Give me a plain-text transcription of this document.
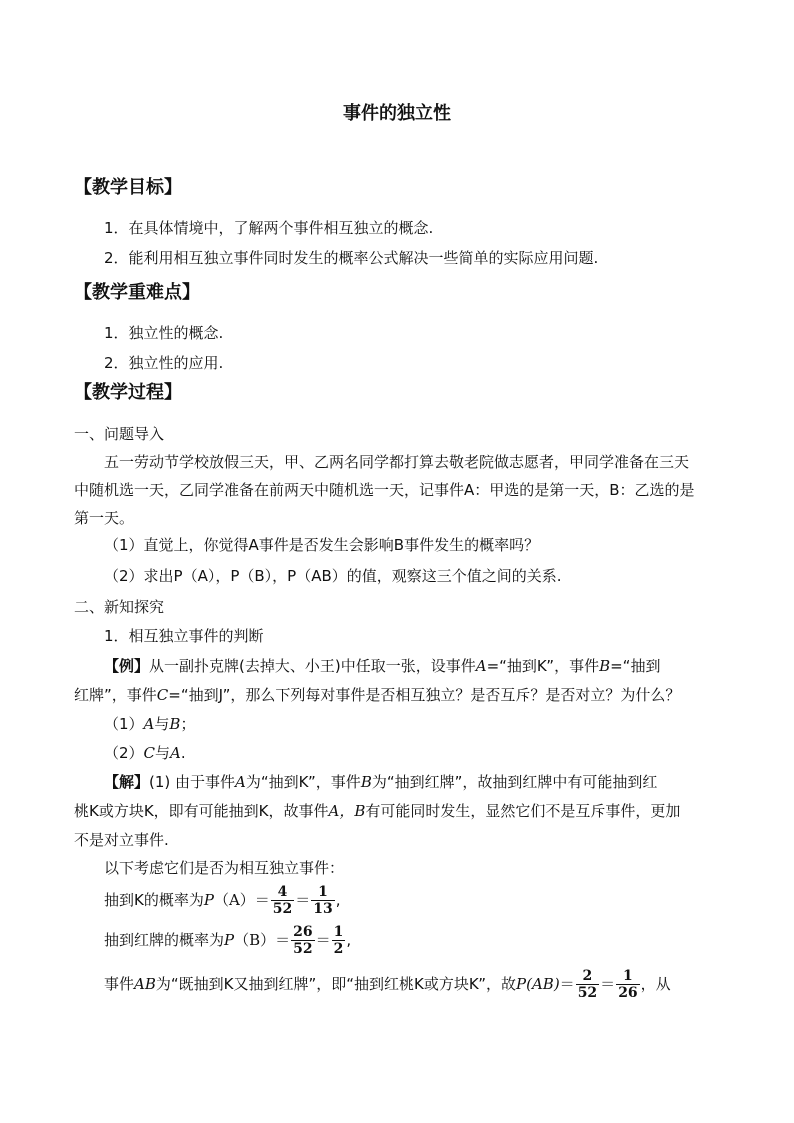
事件的独立性
【教学目标】
1．在具体情境中，了解两个事件相互独立的概念.
2．能利用相互独立事件同时发生的概率公式解决一些简单的实际应用问题.
【教学重难点】
1．独立性的概念.
2．独立性的应用.
【教学过程】
一、问题导入
五一劳动节学校放假三天，甲、乙两名同学都打算去敬老院做志愿者，甲同学准备在三天
中随机选一天，乙同学准备在前两天中随机选一天，记事件A：甲选的是第一天，B：乙选的是
第一天。
（1）直觉上，你觉得A事件是否发生会影响B事件发生的概率吗？
（2）求出P（A），P（B），P（AB）的值，观察这三个值之间的关系.
二、新知探究
1．相互独立事件的判断
【例】从一副扑克牌(去掉大、小王)中任取一张，设事件A=“抽到K”，事件B=“抽到
红牌”，事件C=“抽到J”，那么下列每对事件是否相互独立？是否互斥？是否对立？为什么？
（1）A与B；
（2）C与A.
【解】(1) 由于事件A为“抽到K”，事件B为“抽到红牌”，故抽到红牌中有可能抽到红
桃K或方块K，即有可能抽到K，故事件A，B有可能同时发生，显然它们不是互斥事件，更加
不是对立事件.
以下考虑它们是否为相互独立事件：
抽到K的概率为$P(A)= \frac{4}{52} = \frac{1}{13}$ ,
抽到红牌的概率为$P(B)= \frac{26}{52} = \frac{1}{2}$ ,
事件AB为“既抽到K又抽到红牌”，即“抽到红桃K或方块K”，故$P(AB)= \frac{2}{52} = \frac{1}{26}$ ，从
